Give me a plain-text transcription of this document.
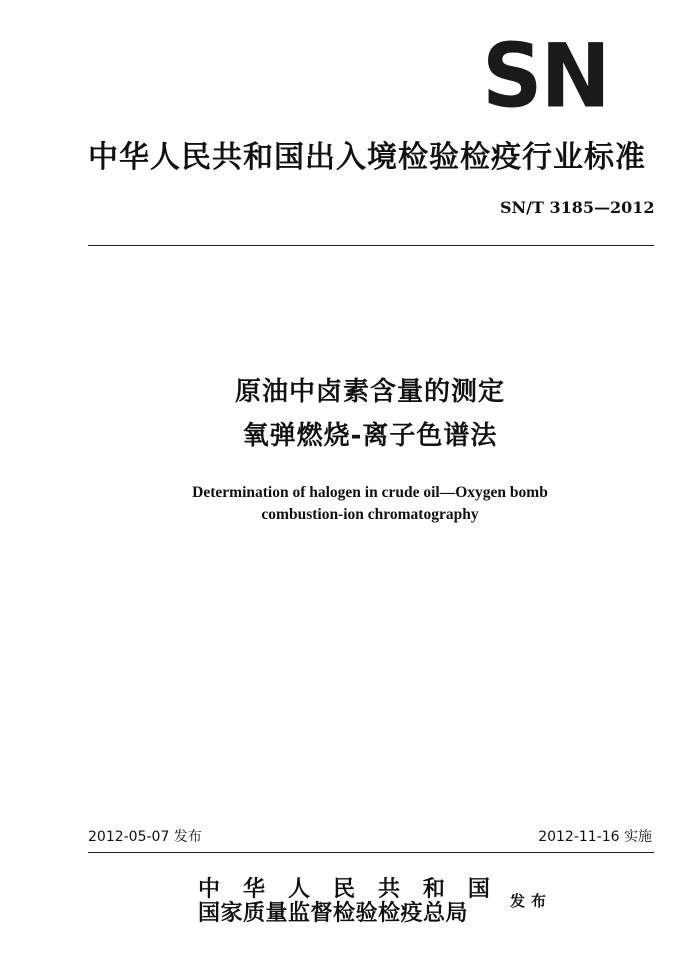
SN
中华人民共和国出入境检验检疫行业标准
SN/T 3185—2012
原油中卤素含量的测定
氧弹燃烧-离子色谱法
Determination of halogen in crude oil—Oxygen bomb
combustion-ion chromatography
2012-05-07 发布	2012-11-16 实施
中 华 人 民 共 和 国
国家质量监督检验检疫总局	发布
